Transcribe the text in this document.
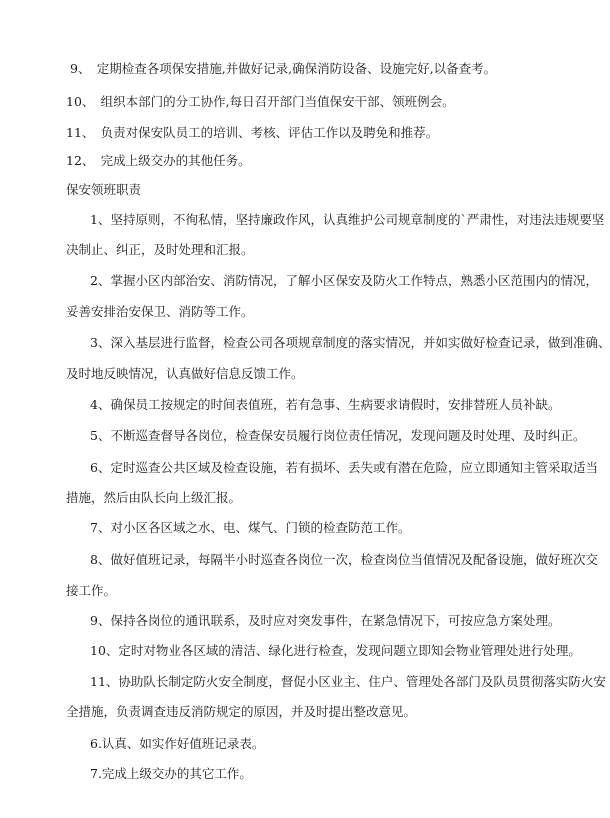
9、　定期检查各项保安措施,并做好记录,确保消防设备、设施完好,以备查考。
10、　组织本部门的分工协作,每日召开部门当值保安干部、领班例会。
11、　负责对保安队员工的培训、考核、评估工作以及聘免和推荐。
12、　完成上级交办的其他任务。
保安领班职责
1、坚持原则，不徇私情，坚持廉政作风，认真维护公司规章制度的`严肃性，对违法违规要坚
决制止、纠正，及时处理和汇报。
2、掌握小区内部治安、消防情况，了解小区保安及防火工作特点，熟悉小区范围内的情况，
妥善安排治安保卫、消防等工作。
3、深入基层进行监督，检查公司各项规章制度的落实情况，并如实做好检查记录，做到准确、
及时地反映情况，认真做好信息反馈工作。
4、确保员工按规定的时间表值班，若有急事、生病要求请假时，安排替班人员补缺。
5、不断巡查督导各岗位，检查保安员履行岗位责任情况，发现问题及时处理、及时纠正。
6、定时巡查公共区域及检查设施，若有损坏、丢失或有潜在危险，应立即通知主管采取适当
措施，然后由队长向上级汇报。
7、对小区各区域之水、电、煤气、门锁的检查防范工作。
8、做好值班记录，每隔半小时巡查各岗位一次，检查岗位当值情况及配备设施，做好班次交
接工作。
9、保持各岗位的通讯联系，及时应对突发事件，在紧急情况下，可按应急方案处理。
10、定时对物业各区域的清洁、绿化进行检查，发现问题立即知会物业管理处进行处理。
11、协助队长制定防火安全制度，督促小区业主、住户、管理处各部门及队员贯彻落实防火安
全措施，负责调查违反消防规定的原因，并及时提出整改意见。
6.认真、如实作好值班记录表。
7.完成上级交办的其它工作。
